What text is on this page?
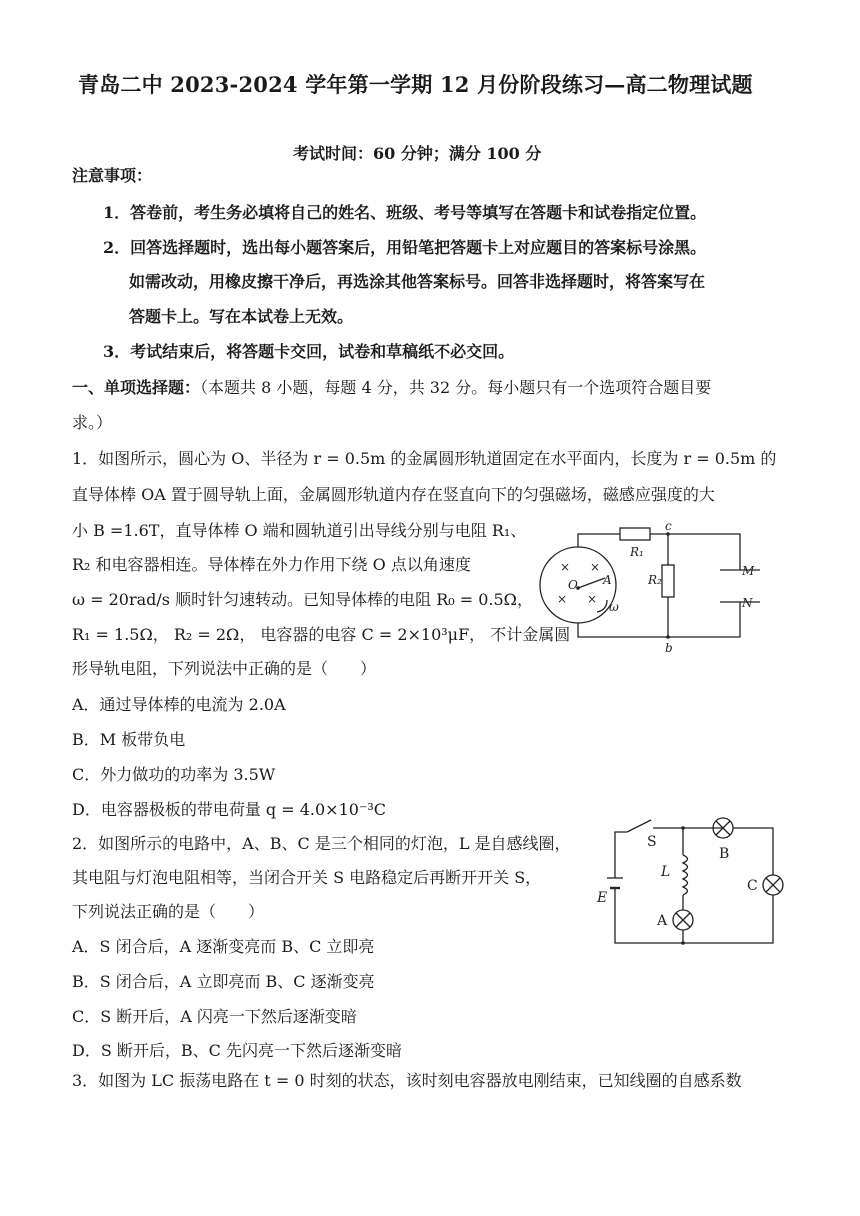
青岛二中 2023-2024 学年第一学期 12 月份阶段练习—高二物理试题
考试时间：60 分钟；满分 100 分
注意事项：
1．答卷前，考生务必填将自己的姓名、班级、考号等填写在答题卡和试卷指定位置。
2．回答选择题时，选出每小题答案后，用铅笔把答题卡上对应题目的答案标号涂黑。
如需改动，用橡皮擦干净后，再选涂其他答案标号。回答非选择题时，将答案写在
答题卡上。写在本试卷上无效。
3．考试结束后，将答题卡交回，试卷和草稿纸不必交回。
一、单项选择题：（本题共 8 小题，每题 4 分，共 32 分。每小题只有一个选项符合题目要
求。）
1．如图所示，圆心为 O、半径为 r = 0.5m 的金属圆形轨道固定在水平面内，长度为 r = 0.5m 的
直导体棒 OA 置于圆导轨上面，金属圆形轨道内存在竖直向下的匀强磁场，磁感应强度的大
小 B =1.6T，直导体棒 O 端和圆轨道引出导线分别与电阻 R₁、
R₂ 和电容器相连。导体棒在外力作用下绕 O 点以角速度
ω = 20rad/s 顺时针匀速转动。已知导体棒的电阻 R₀ = 0.5Ω，
R₁ = 1.5Ω， R₂ = 2Ω， 电容器的电容 C = 2×10³μF， 不计金属圆
形导轨电阻，下列说法中正确的是（　　）
A．通过导体棒的电流为 2.0A
B．M 板带负电
C．外力做功的功率为 3.5W
D．电容器极板的带电荷量 q = 4.0×10⁻³C
× ×
× ×
O A
ω
R₁
R₂
c
b
M
N
2．如图所示的电路中，A、B、C 是三个相同的灯泡，L 是自感线圈，
其电阻与灯泡电阻相等，当闭合开关 S 电路稳定后再断开开关 S，
下列说法正确的是（　　）
A．S 闭合后，A 逐渐变亮而 B、C 立即亮
B．S 闭合后，A 立即亮而 B、C 逐渐变亮
C．S 断开后，A 闪亮一下然后逐渐变暗
D．S 断开后，B、C 先闪亮一下然后逐渐变暗
S
B
L
C
E
A
3．如图为 LC 振荡电路在 t = 0 时刻的状态，该时刻电容器放电刚结束，已知线圈的自感系数
